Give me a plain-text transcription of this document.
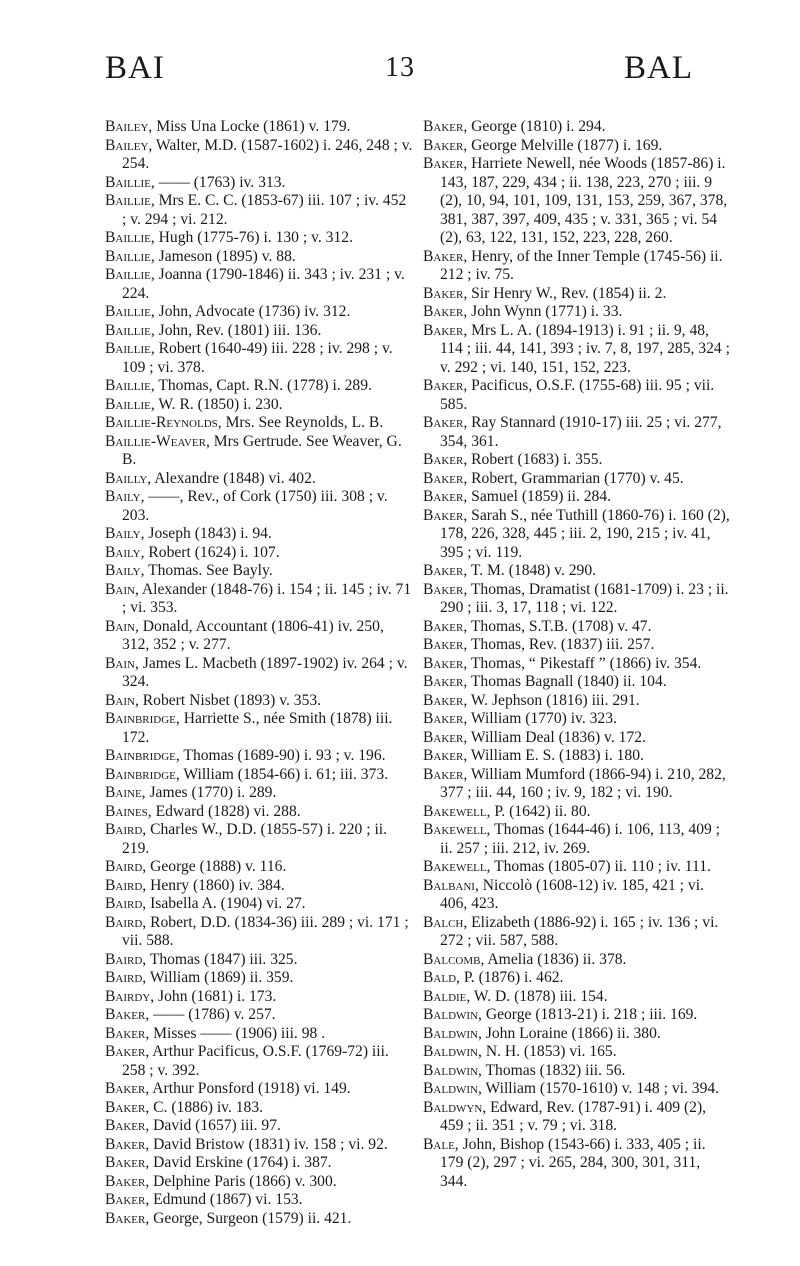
BAI	13	BAL

Bailey, Miss Una Locke (1861) v. 179.

Bailey, Walter, M.D. (1587-1602) i. 246, 248 ; v. 254.

Baillie, —— (1763) iv. 313.

Baillie, Mrs E. C. C. (1853-67) iii. 107 ; iv. 452 ; v. 294 ; vi. 212.

Baillie, Hugh (1775-76) i. 130 ; v. 312.

Baillie, Jameson (1895) v. 88.

Baillie, Joanna (1790-1846) ii. 343 ; iv. 231 ; v. 224.

Baillie, John, Advocate (1736) iv. 312.

Baillie, John, Rev. (1801) iii. 136.

Baillie, Robert (1640-49) iii. 228 ; iv. 298 ; v. 109 ; vi. 378.

Baillie, Thomas, Capt. R.N. (1778) i. 289.

Baillie, W. R. (1850) i. 230.

Baillie-Reynolds, Mrs. See Reynolds, L. B.

Baillie-Weaver, Mrs Gertrude. See Weaver, G. B.

Bailly, Alexandre (1848) vi. 402.

Baily, ——, Rev., of Cork (1750) iii. 308 ; v. 203.

Baily, Joseph (1843) i. 94.

Baily, Robert (1624) i. 107.

Baily, Thomas. See Bayly.

Bain, Alexander (1848-76) i. 154 ; ii. 145 ; iv. 71 ; vi. 353.

Bain, Donald, Accountant (1806-41) iv. 250, 312, 352 ; v. 277.

Bain, James L. Macbeth (1897-1902) iv. 264 ; v. 324.

Bain, Robert Nisbet (1893) v. 353.

Bainbridge, Harriette S., née Smith (1878) iii. 172.

Bainbridge, Thomas (1689-90) i. 93 ; v. 196.

Bainbridge, William (1854-66) i. 61; iii. 373.

Baine, James (1770) i. 289.

Baines, Edward (1828) vi. 288.

Baird, Charles W., D.D. (1855-57) i. 220 ; ii. 219.

Baird, George (1888) v. 116.

Baird, Henry (1860) iv. 384.

Baird, Isabella A. (1904) vi. 27.

Baird, Robert, D.D. (1834-36) iii. 289 ; vi. 171 ; vii. 588.

Baird, Thomas (1847) iii. 325.

Baird, William (1869) ii. 359.

Bairdy, John (1681) i. 173.

Baker, —— (1786) v. 257.

Baker, Misses —— (1906) iii. 98 .

Baker, Arthur Pacificus, O.S.F. (1769-72) iii. 258 ; v. 392.

Baker, Arthur Ponsford (1918) vi. 149.

Baker, C. (1886) iv. 183.

Baker, David (1657) iii. 97.

Baker, David Bristow (1831) iv. 158 ; vi. 92.

Baker, David Erskine (1764) i. 387.

Baker, Delphine Paris (1866) v. 300.

Baker, Edmund (1867) vi. 153.

Baker, George, Surgeon (1579) ii. 421.

Baker, George (1810) i. 294.

Baker, George Melville (1877) i. 169.

Baker, Harriete Newell, née Woods (1857-86) i. 143, 187, 229, 434 ; ii. 138, 223, 270 ; iii. 9 (2), 10, 94, 101, 109, 131, 153, 259, 367, 378, 381, 387, 397, 409, 435 ; v. 331, 365 ; vi. 54 (2), 63, 122, 131, 152, 223, 228, 260.

Baker, Henry, of the Inner Temple (1745-56) ii. 212 ; iv. 75.

Baker, Sir Henry W., Rev. (1854) ii. 2.

Baker, John Wynn (1771) i. 33.

Baker, Mrs L. A. (1894-1913) i. 91 ; ii. 9, 48, 114 ; iii. 44, 141, 393 ; iv. 7, 8, 197, 285, 324 ; v. 292 ; vi. 140, 151, 152, 223.

Baker, Pacificus, O.S.F. (1755-68) iii. 95 ; vii. 585.

Baker, Ray Stannard (1910-17) iii. 25 ; vi. 277, 354, 361.

Baker, Robert (1683) i. 355.

Baker, Robert, Grammarian (1770) v. 45.

Baker, Samuel (1859) ii. 284.

Baker, Sarah S., née Tuthill (1860-76) i. 160 (2), 178, 226, 328, 445 ; iii. 2, 190, 215 ; iv. 41, 395 ; vi. 119.

Baker, T. M. (1848) v. 290.

Baker, Thomas, Dramatist (1681-1709) i. 23 ; ii. 290 ; iii. 3, 17, 118 ; vi. 122.

Baker, Thomas, S.T.B. (1708) v. 47.

Baker, Thomas, Rev. (1837) iii. 257.

Baker, Thomas, “ Pikestaff ” (1866) iv. 354.

Baker, Thomas Bagnall (1840) ii. 104.

Baker, W. Jephson (1816) iii. 291.

Baker, William (1770) iv. 323.

Baker, William Deal (1836) v. 172.

Baker, William E. S. (1883) i. 180.

Baker, William Mumford (1866-94) i. 210, 282, 377 ; iii. 44, 160 ; iv. 9, 182 ; vi. 190.

Bakewell, P. (1642) ii. 80.

Bakewell, Thomas (1644-46) i. 106, 113, 409 ; ii. 257 ; iii. 212, iv. 269.

Bakewell, Thomas (1805-07) ii. 110 ; iv. 111.

Balbani, Niccolò (1608-12) iv. 185, 421 ; vi. 406, 423.

Balch, Elizabeth (1886-92) i. 165 ; iv. 136 ; vi. 272 ; vii. 587, 588.

Balcomb, Amelia (1836) ii. 378.

Bald, P. (1876) i. 462.

Baldie, W. D. (1878) iii. 154.

Baldwin, George (1813-21) i. 218 ; iii. 169.

Baldwin, John Loraine (1866) ii. 380.

Baldwin, N. H. (1853) vi. 165.

Baldwin, Thomas (1832) iii. 56.

Baldwin, William (1570-1610) v. 148 ; vi. 394.

Baldwyn, Edward, Rev. (1787-91) i. 409 (2), 459 ; ii. 351 ; v. 79 ; vi. 318.

Bale, John, Bishop (1543-66) i. 333, 405 ; ii. 179 (2), 297 ; vi. 265, 284, 300, 301, 311, 344.
